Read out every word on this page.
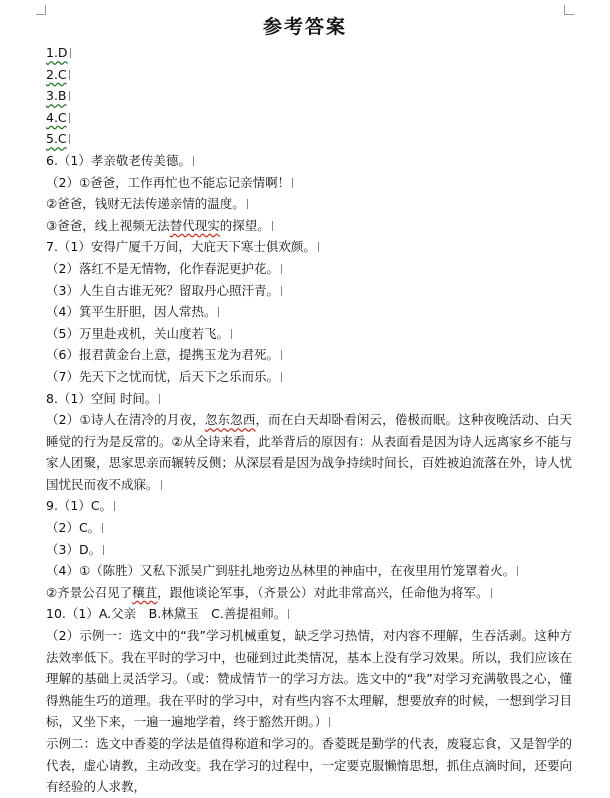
参考答案
1.D
2.C
3.B
4.C
5.C
6.（1）孝亲敬老传美德。
（2）①爸爸，工作再忙也不能忘记亲情啊！
②爸爸，钱财无法传递亲情的温度。
③爸爸，线上视频无法替代现实的探望。
7.（1）安得广厦千万间，大庇天下寒士俱欢颜。
（2）落红不是无情物，化作春泥更护花。
（3）人生自古谁无死？留取丹心照汗青。
（4）箕平生肝胆，因人常热。
（5）万里赴戎机，关山度若飞。
（6）报君黄金台上意，提携玉龙为君死。
（7）先天下之忧而忧，后天下之乐而乐。
8.（1）空间 时间。
（2）①诗人在清冷的月夜，忽东忽西，而在白天却卧看闲云，倦极而眠。这种夜晚活动、白天睡觉的行为是反常的。②从全诗来看，此举背后的原因有：从表面看是因为诗人远离家乡不能与家人团聚，思家思亲而辗转反侧；从深层看是因为战争持续时间长，百姓被迫流落在外，诗人忧国忧民而夜不成寐。
9.（1）C。
（2）C。
（3）D。
（4）①（陈胜）又私下派吴广到驻扎地旁边丛林里的神庙中，在夜里用竹笼罩着火。
②齐景公召见了穰苴，跟他谈论军事，（齐景公）对此非常高兴，任命他为将军。
10.（1）A.父亲　B.林黛玉　C.善提祖师。
（2）示例一：选文中的“我”学习机械重复，缺乏学习热情，对内容不理解，生吞活剥。这种方法效率低下。我在平时的学习中，也碰到过此类情况，基本上没有学习效果。所以，我们应该在理解的基础上灵活学习。（或：赞成情节一的学习方法。选文中的“我”对学习充满敬畏之心，懂得熟能生巧的道理。我在平时的学习中，对有些内容不太理解，想要放弃的时候，一想到学习目标，又坐下来，一遍一遍地学着，终于豁然开朗。）
示例二：选文中香菱的学法是值得称道和学习的。香菱既是勤学的代表，废寝忘食，又是智学的代表，虚心请教，主动改变。我在学习的过程中，一定要克服懒惰思想，抓住点滴时间，还要向有经验的人求教，
